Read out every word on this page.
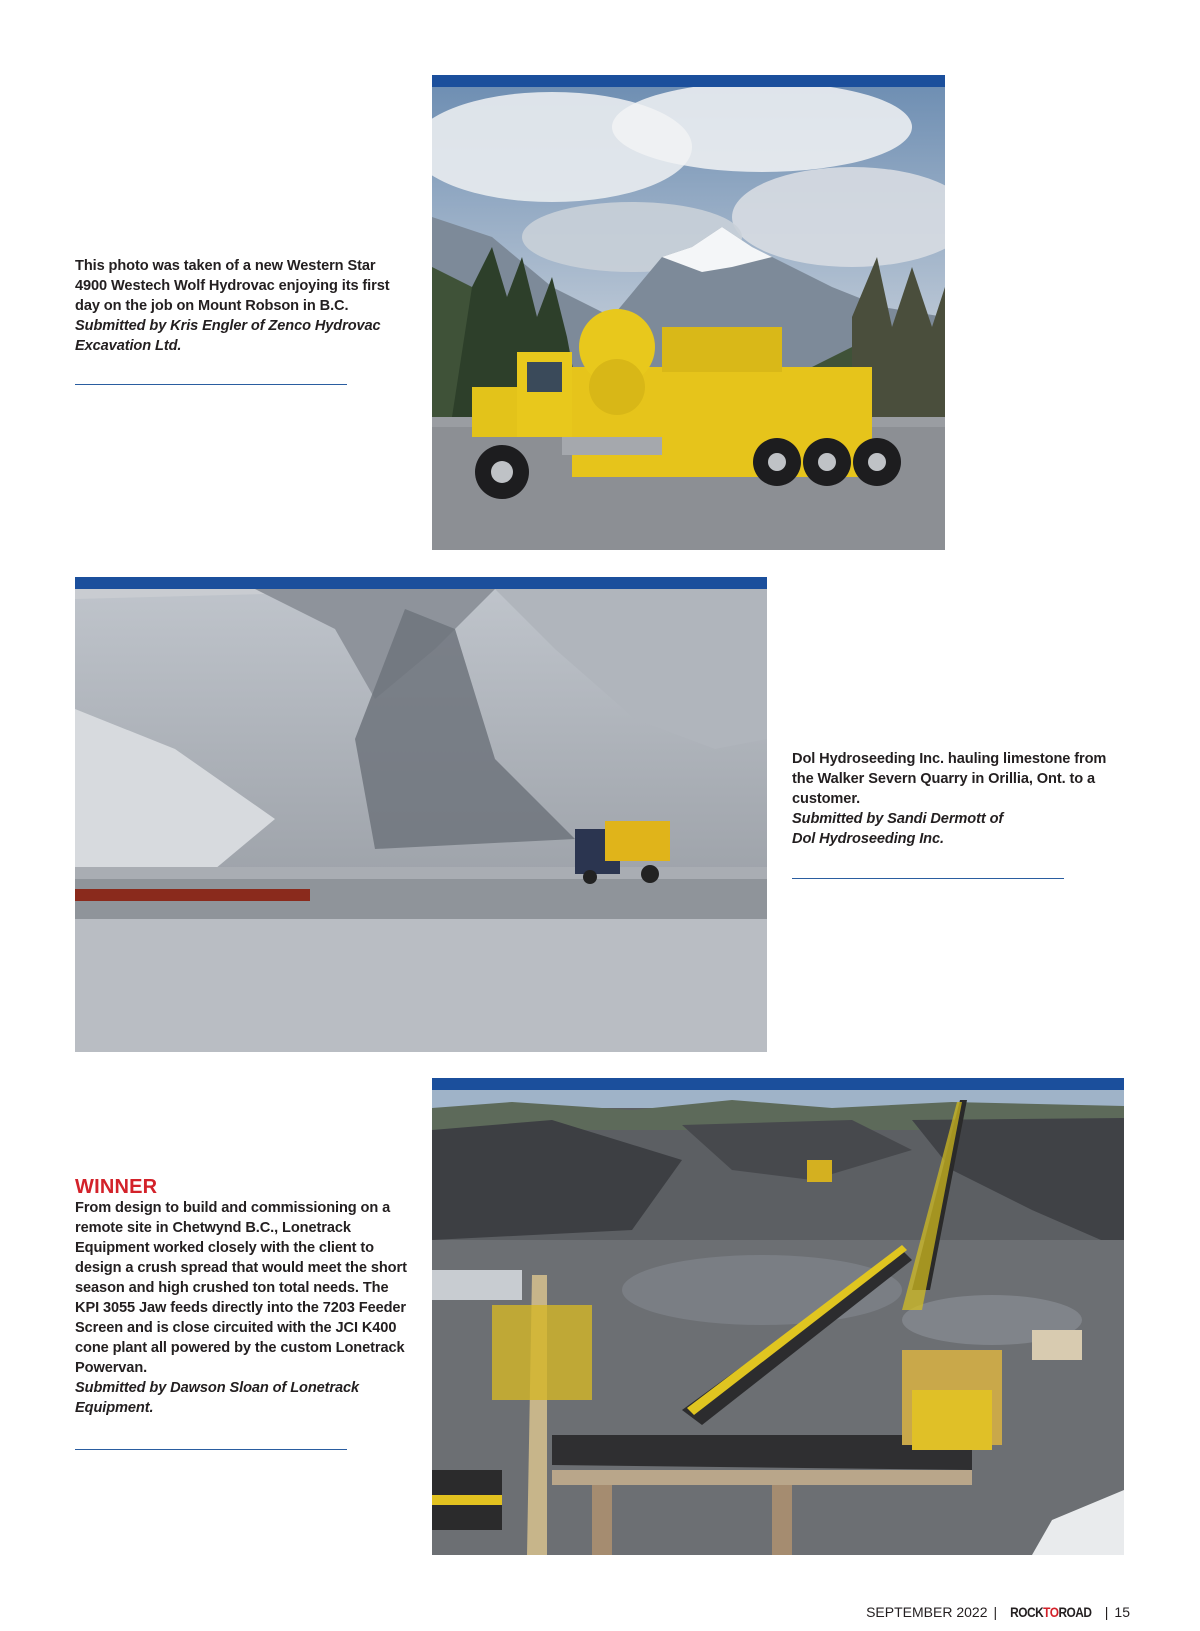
This photo was taken of a new Western Star 4900 Westech Wolf Hydrovac enjoying its first day on the job on Mount Robson in B.C.

Submitted by Kris Engler of Zenco Hydrovac Excavation Ltd.

Dol Hydroseeding Inc. hauling limestone from the Walker Severn Quarry in Orillia, Ont. to a customer.

Submitted by Sandi Dermott of

Dol Hydroseeding Inc.

WINNER

From design to build and commissioning on a remote site in Chetwynd B.C., Lonetrack Equipment worked closely with the client to design a crush spread that would meet the short season and high crushed ton total needs. The KPI 3055 Jaw feeds directly into the 7203 Feeder Screen and is close circuited with the JCI K400 cone plant all powered by the custom Lonetrack Powervan.

Submitted by Dawson Sloan of Lonetrack Equipment.

SEPTEMBER 2022 | ROCKTOROAD | 15
